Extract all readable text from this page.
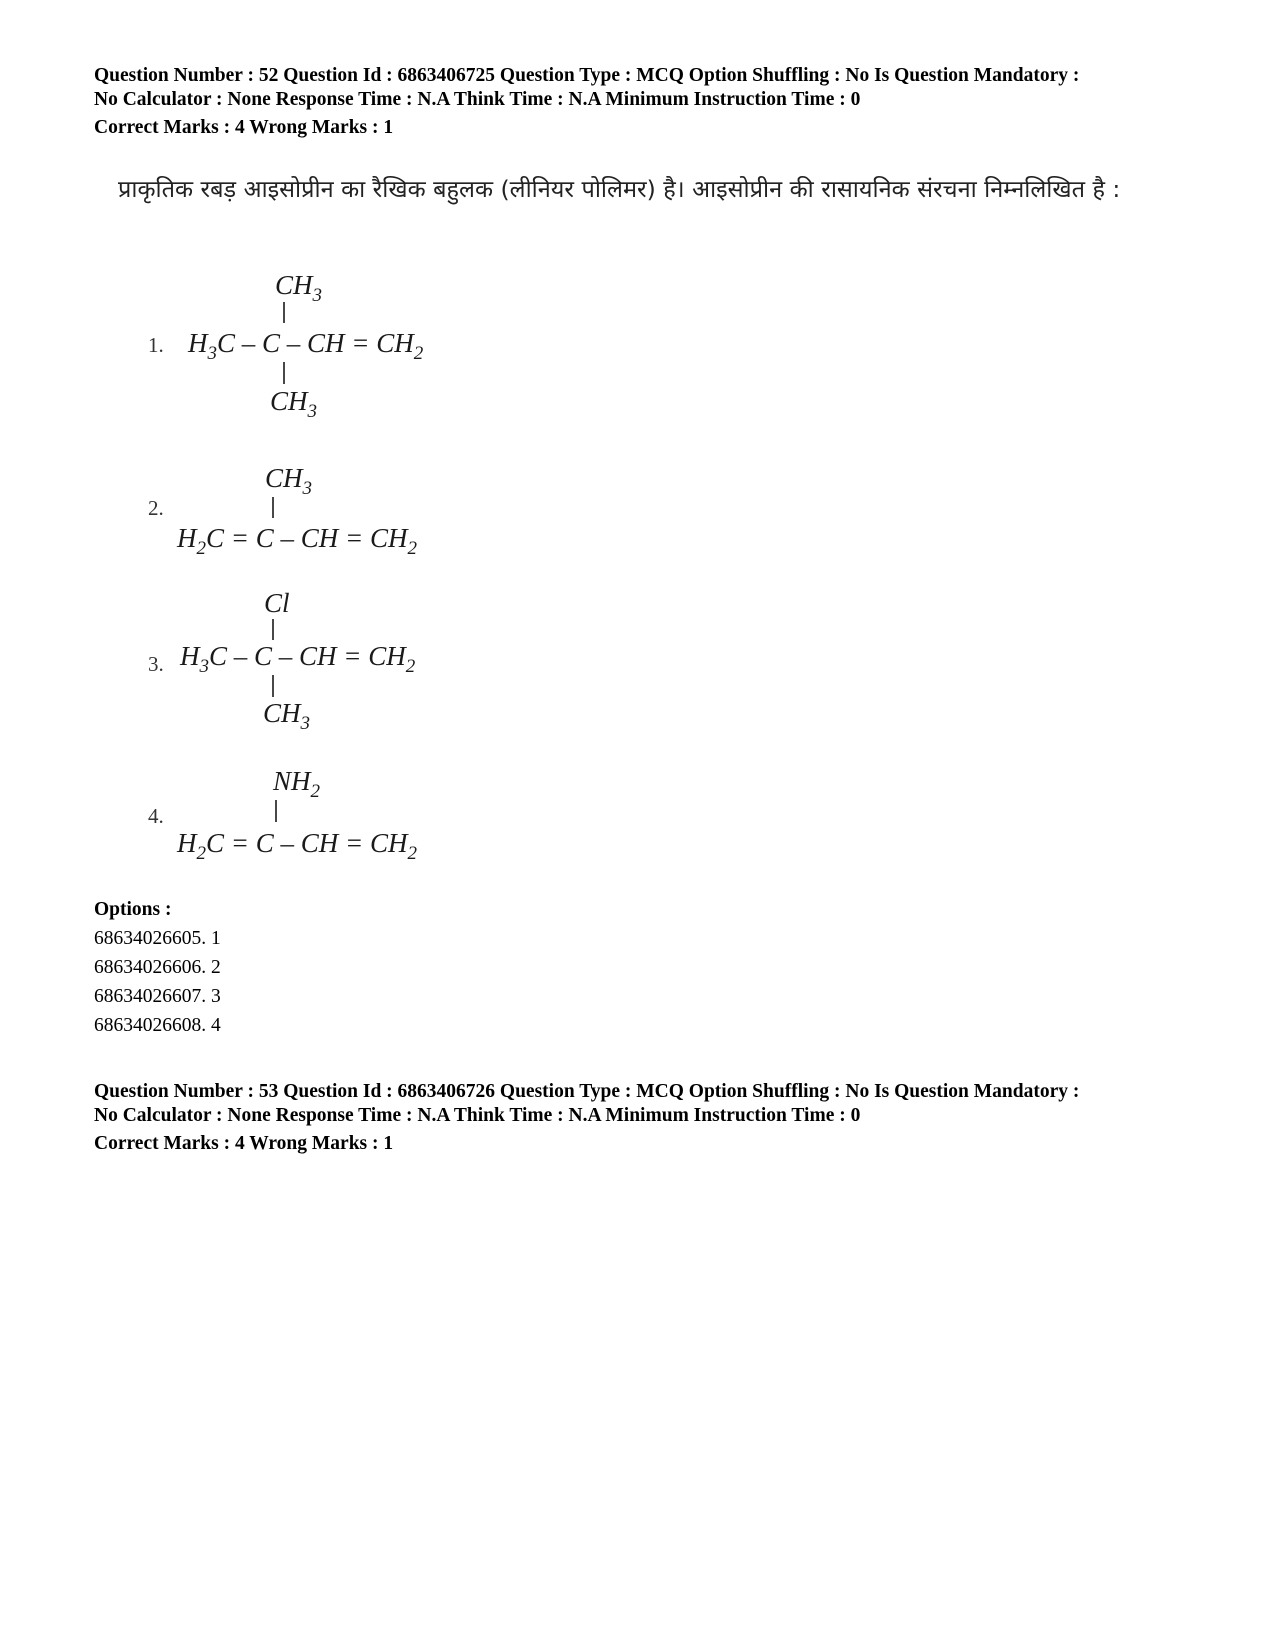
Question Number : 52 Question Id : 6863406725 Question Type : MCQ Option Shuffling : No Is Question Mandatory :
No Calculator : None Response Time : N.A Think Time : N.A Minimum Instruction Time : 0
Correct Marks : 4 Wrong Marks : 1
प्राकृतिक रबड़ आइसोप्रीन का रैखिक बहुलक (लीनियर पोलिमर) है। आइसोप्रीन की रासायनिक संरचना निम्नलिखित है :
1.
$CH_3$
$H_3C$ – C – CH = $CH_2$
$CH_3$
2.
$CH_3$
$H_2C = C$ – CH = $CH_2$
3.
Cl
$H_3C$ – C – CH = $CH_2$
$CH_3$
4.
$NH_2$
$H_2C = C$ – CH = $CH_2$
Options :
68634026605. 1
68634026606. 2
68634026607. 3
68634026608. 4
Question Number : 53 Question Id : 6863406726 Question Type : MCQ Option Shuffling : No Is Question Mandatory :
No Calculator : None Response Time : N.A Think Time : N.A Minimum Instruction Time : 0
Correct Marks : 4 Wrong Marks : 1
